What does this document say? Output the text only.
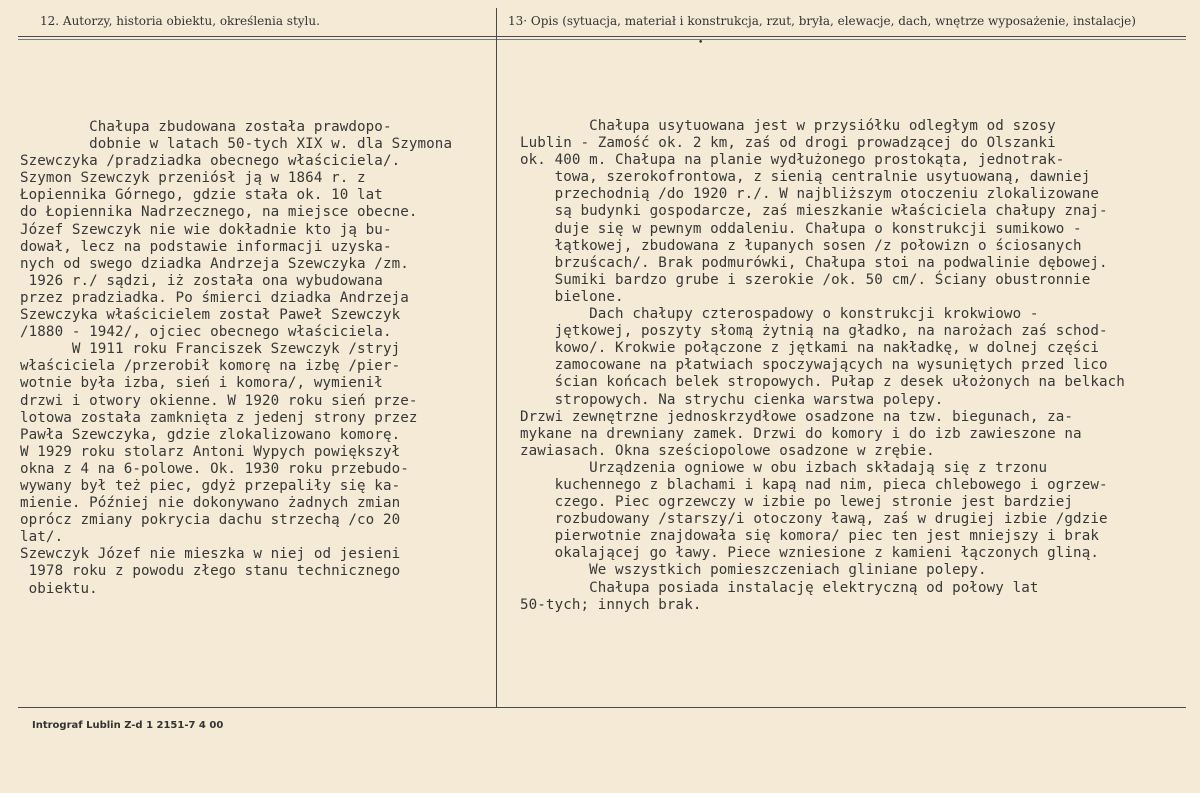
12. Autorzy, historia obiektu, określenia stylu.	13· Opis (sytuacja, materiał i konstrukcja, rzut, bryła, elewacje, dach, wnętrze wyposażenie, instalacje)
•
Chałupa zbudowana została prawdopo-
dobnie w latach 50-tych XIX w. dla Szymona
Szewczyka /pradziadka obecnego właściciela/.
Szymon Szewczyk przeniósł ją w 1864 r. z
Łopiennika Górnego, gdzie stała ok. 10 lat
do Łopiennika Nadrzecznego, na miejsce obecne.
Józef Szewczyk nie wie dokładnie kto ją bu-
dował, lecz na podstawie informacji uzyska-
nych od swego dziadka Andrzeja Szewczyka /zm.
1926 r./ sądzi, iż została ona wybudowana
przez pradziadka. Po śmierci dziadka Andrzeja
Szewczyka właścicielem został Paweł Szewczyk
/1880 - 1942/, ojciec obecnego właściciela.
W 1911 roku Franciszek Szewczyk /stryj
właściciela /przerobił komorę na izbę /pier-
wotnie była izba, sień i komora/, wymienił
drzwi i otwory okienne. W 1920 roku sień prze-
lotowa została zamknięta z jedenj strony przez
Pawła Szewczyka, gdzie zlokalizowano komorę.
W 1929 roku stolarz Antoni Wypych powiększył
okna z 4 na 6-polowe. Ok. 1930 roku przebudo-
wywany był też piec, gdyż przepaliły się ka-
mienie. Później nie dokonywano żadnych zmian
oprócz zmiany pokrycia dachu strzechą /co 20
lat/.
Szewczyk Józef nie mieszka w niej od jesieni
1978 roku z powodu złego stanu technicznego
obiektu.
Chałupa usytuowana jest w przysiółku odległym od szosy
Lublin - Zamość ok. 2 km, zaś od drogi prowadzącej do Olszanki
ok. 400 m. Chałupa na planie wydłużonego prostokąta, jednotrak-
towa, szerokofrontowa, z sienią centralnie usytuowaną, dawniej
przechodnią /do 1920 r./. W najbliższym otoczeniu zlokalizowane
są budynki gospodarcze, zaś mieszkanie właściciela chałupy znaj-
duje się w pewnym oddaleniu. Chałupa o konstrukcji sumikowo -
łątkowej, zbudowana z łupanych sosen /z połowizn o ściosanych
brzuścach/. Brak podmurówki, Chałupa stoi na podwalinie dębowej.
Sumiki bardzo grube i szerokie /ok. 50 cm/. Ściany obustronnie
bielone.
Dach chałupy czterospadowy o konstrukcji krokwiowo -
jętkowej, poszyty słomą żytnią na gładko, na narożach zaś schod-
kowo/. Krokwie połączone z jętkami na nakładkę, w dolnej części
zamocowane na płatwiach spoczywających na wysuniętych przed lico
ścian końcach belek stropowych. Pułap z desek ułożonych na belkach
stropowych. Na strychu cienka warstwa polepy.
Drzwi zewnętrzne jednoskrzydłowe osadzone na tzw. biegunach, za-
mykane na drewniany zamek. Drzwi do komory i do izb zawieszone na
zawiasach. Okna sześciopolowe osadzone w zrębie.
Urządzenia ogniowe w obu izbach składają się z trzonu
kuchennego z blachami i kapą nad nim, pieca chlebowego i ogrzew-
czego. Piec ogrzewczy w izbie po lewej stronie jest bardziej
rozbudowany /starszy/i otoczony ławą, zaś w drugiej izbie /gdzie
pierwotnie znajdowała się komora/ piec ten jest mniejszy i brak
okalającej go ławy. Piece wzniesione z kamieni łączonych gliną.
We wszystkich pomieszczeniach gliniane polepy.
Chałupa posiada instalację elektryczną od połowy lat
50-tych; innych brak.
Intrograf Lublin Z-d 1 2151-7 4 00
